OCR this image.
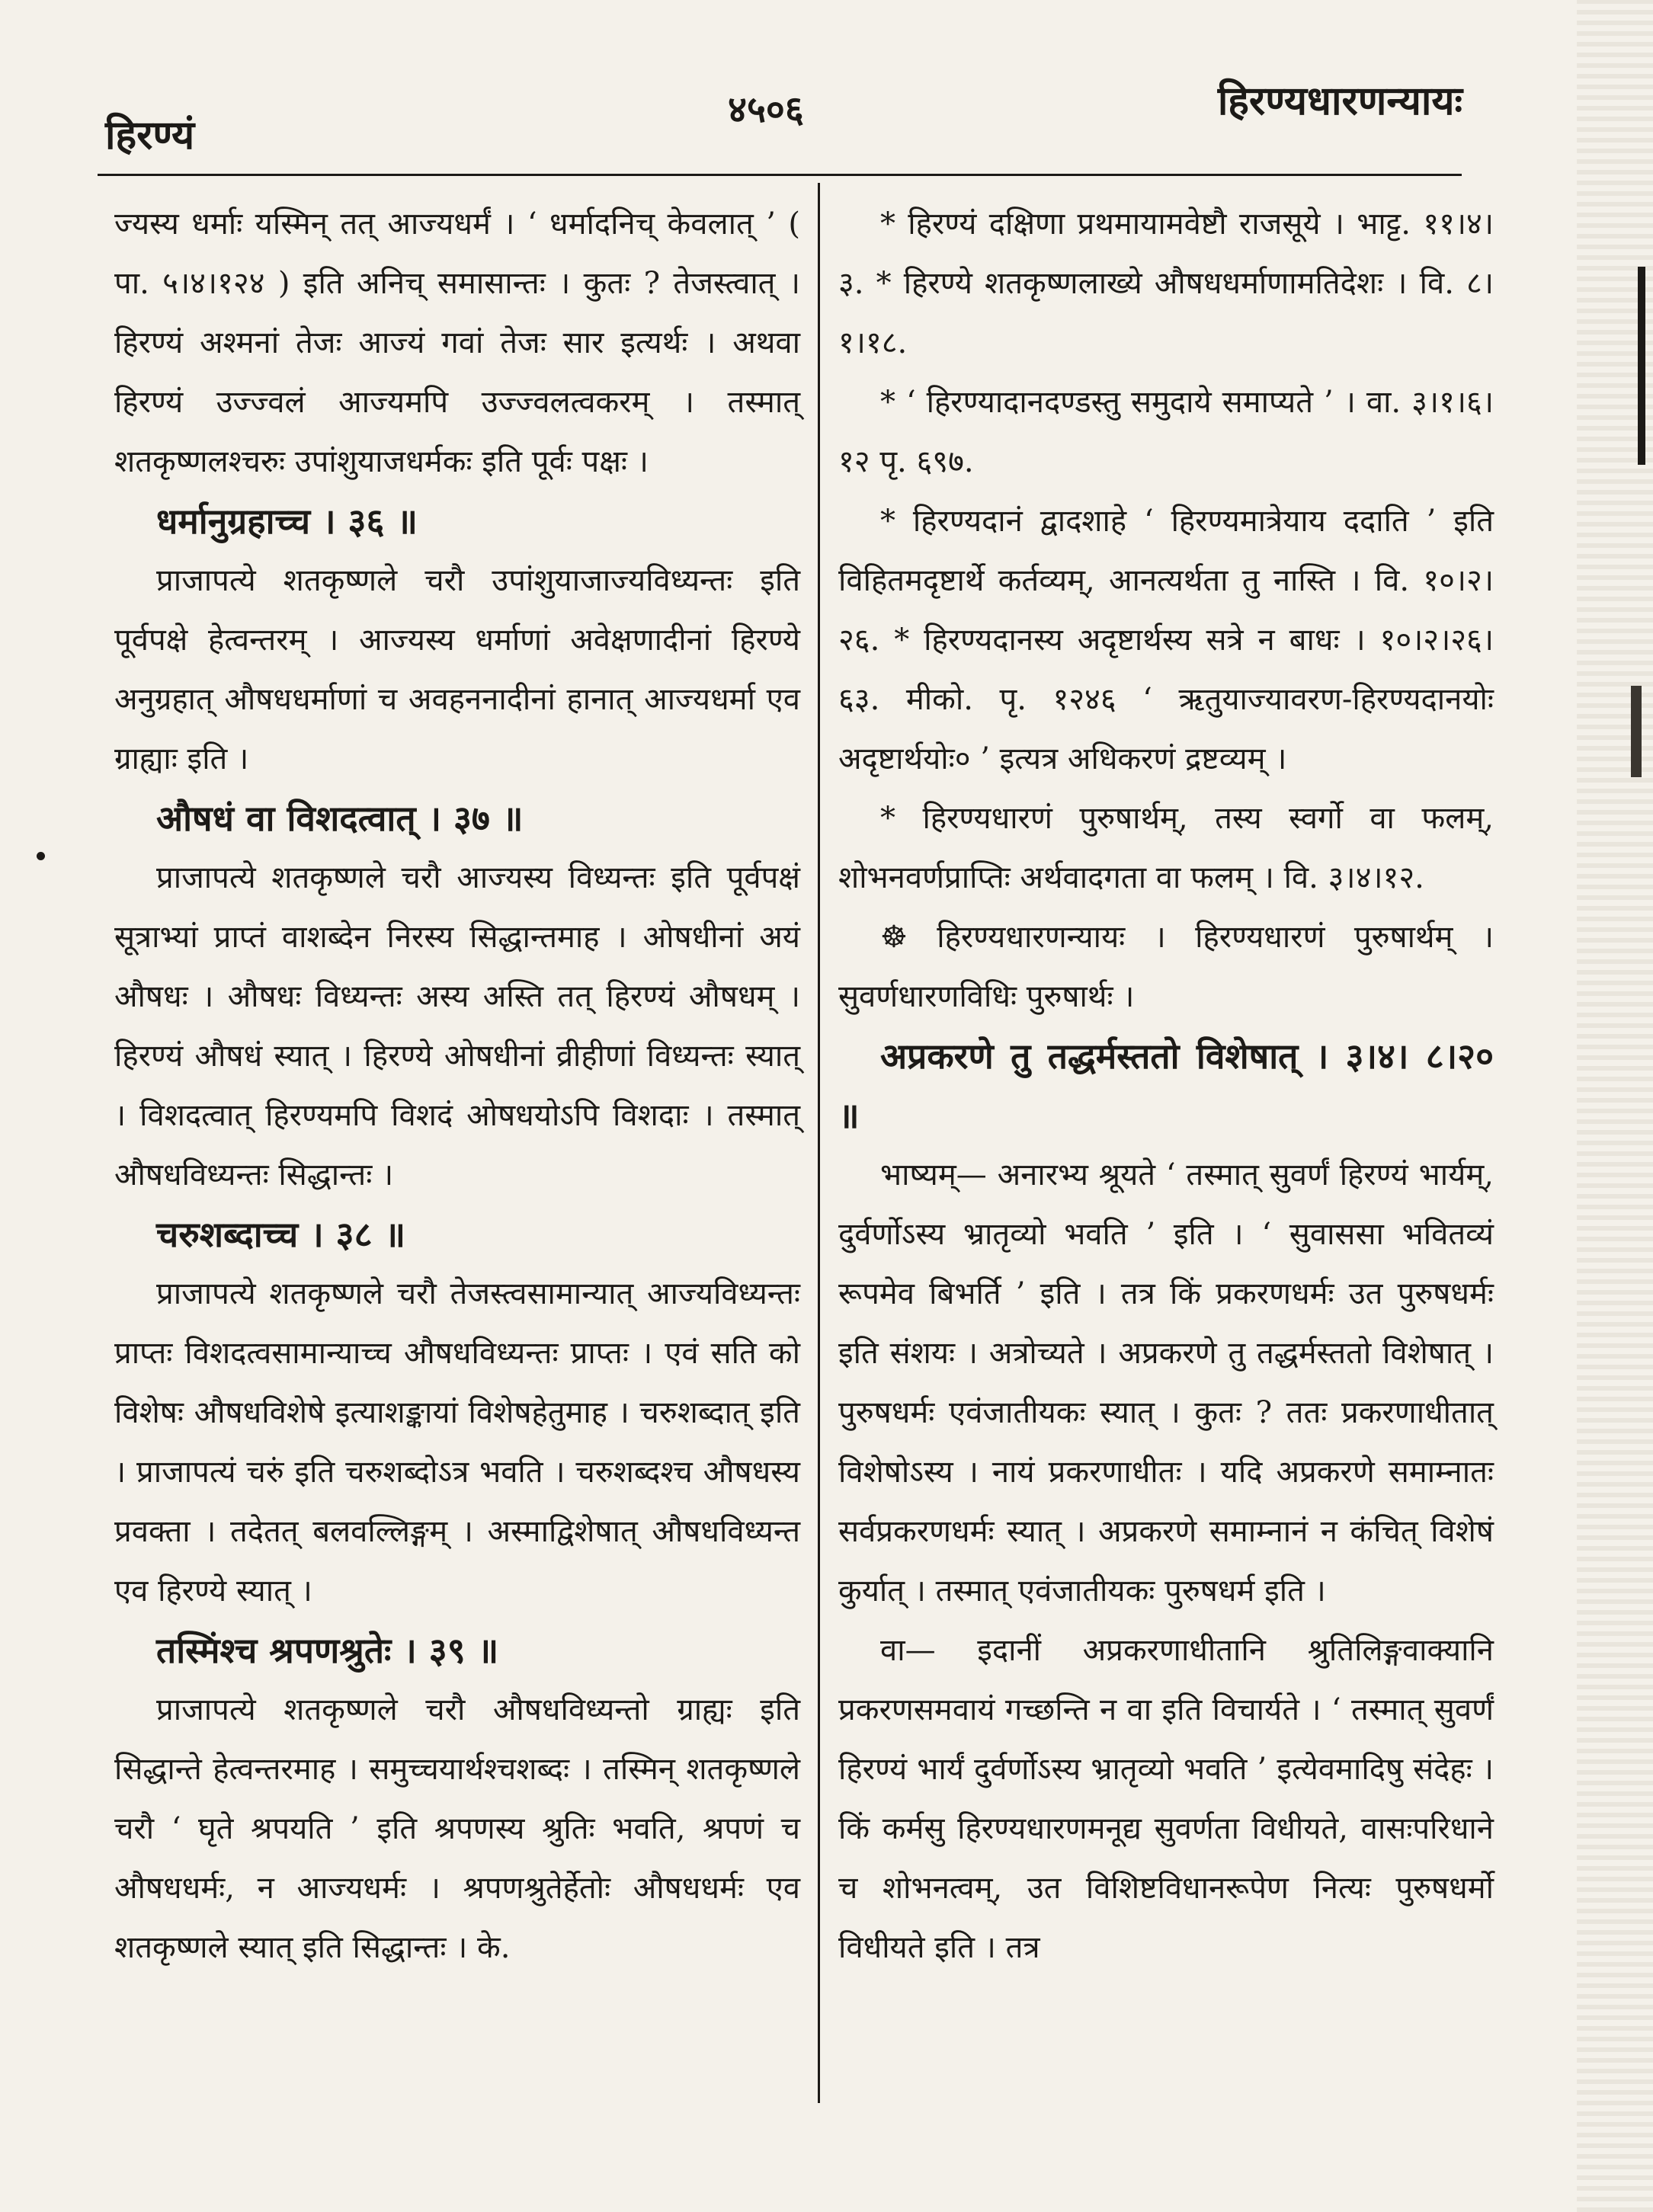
हिरण्यं
४५०६	हिरण्यधारणन्यायः

ज्यस्य धर्माः यस्मिन् तत् आज्यधर्मं । ‘ धर्मादनिच् केवलात् ’ ( पा. ५।४।१२४ ) इति अनिच् समासान्तः । कुतः ? तेजस्त्वात् । हिरण्यं अश्मनां तेजः आज्यं गवां तेजः सार इत्यर्थः । अथवा हिरण्यं उज्ज्वलं आज्यमपि उज्ज्वलत्वकरम् । तस्मात् शतकृष्णलश्चरुः उपांशुयाजधर्मकः इति पूर्वः पक्षः ।

धर्मानुग्रहाच्च । ३६ ॥

प्राजापत्ये शतकृष्णले चरौ उपांशुयाजाज्यविध्यन्तः इति पूर्वपक्षे हेत्वन्तरम् । आज्यस्य धर्माणां अवेक्षणादीनां हिरण्ये अनुग्रहात् औषधधर्माणां च अवहननादीनां हानात् आज्यधर्मा एव ग्राह्याः इति ।

औषधं वा विशदत्वात् । ३७ ॥

प्राजापत्ये शतकृष्णले चरौ आज्यस्य विध्यन्तः इति पूर्वपक्षं सूत्राभ्यां प्राप्तं वाशब्देन निरस्य सिद्धान्तमाह । ओषधीनां अयं औषधः । औषधः विध्यन्तः अस्य अस्ति तत् हिरण्यं औषधम् । हिरण्यं औषधं स्यात् । हिरण्ये ओषधीनां व्रीहीणां विध्यन्तः स्यात् । विशदत्वात् हिरण्यमपि विशदं ओषधयोऽपि विशदाः । तस्मात् औषधविध्यन्तः सिद्धान्तः ।

चरुशब्दाच्च । ३८ ॥

प्राजापत्ये शतकृष्णले चरौ तेजस्त्वसामान्यात् आज्यविध्यन्तः प्राप्तः विशदत्वसामान्याच्च औषधविध्यन्तः प्राप्तः । एवं सति को विशेषः औषधविशेषे इत्याशङ्कायां विशेषहेतुमाह । चरुशब्दात् इति । प्राजापत्यं चरुं इति चरुशब्दोऽत्र भवति । चरुशब्दश्च औषधस्य प्रवक्ता । तदेतत् बलवल्लिङ्गम् । अस्माद्विशेषात् औषधविध्यन्त एव हिरण्ये स्यात् ।

तस्मिंश्च श्रपणश्रुतेः । ३९ ॥

प्राजापत्ये शतकृष्णले चरौ औषधविध्यन्तो ग्राह्यः इति सिद्धान्ते हेत्वन्तरमाह । समुच्चयार्थश्चशब्दः । तस्मिन् शतकृष्णले चरौ ‘ घृते श्रपयति ’ इति श्रपणस्य श्रुतिः भवति, श्रपणं च औषधधर्मः, न आज्यधर्मः । श्रपणश्रुतेर्हेतोः औषधधर्मः एव शतकृष्णले स्यात् इति सिद्धान्तः । के.

* हिरण्यं दक्षिणा प्रथमायामवेष्टौ राजसूये । भाट्ट. ११।४।३. * हिरण्ये शतकृष्णलाख्ये औषधधर्माणामतिदेशः । वि. ८।१।१८.

* ‘ हिरण्यादानदण्डस्तु समुदाये समाप्यते ’ । वा. ३।१।६।१२ पृ. ६९७.

* हिरण्यदानं द्वादशाहे ‘ हिरण्यमात्रेयाय ददाति ’ इति विहितमदृष्टार्थे कर्तव्यम्, आनत्यर्थता तु नास्ति । वि. १०।२।२६. * हिरण्यदानस्य अदृष्टार्थस्य सत्रे न बाधः । १०।२।२६।६३. मीको. पृ. १२४६ ‘ ऋतुयाज्यावरण-हिरण्यदानयोः अदृष्टार्थयोः० ’ इत्यत्र अधिकरणं द्रष्टव्यम् ।

* हिरण्यधारणं पुरुषार्थम्, तस्य स्वर्गो वा फलम्, शोभनवर्णप्राप्तिः अर्थवादगता वा फलम् । वि. ३।४।१२.

☸ हिरण्यधारणन्यायः । हिरण्यधारणं पुरुषार्थम् । सुवर्णधारणविधिः पुरुषार्थः ।

अप्रकरणे तु तद्धर्मस्ततो विशेषात् । ३।४। ८।२० ॥

भाष्यम्— अनारभ्य श्रूयते ‘ तस्मात् सुवर्णं हिरण्यं भार्यम्, दुर्वर्णोऽस्य भ्रातृव्यो भवति ’ इति । ‘ सुवाससा भवितव्यं रूपमेव बिभर्ति ’ इति । तत्र किं प्रकरणधर्मः उत पुरुषधर्मः इति संशयः । अत्रोच्यते । अप्रकरणे तु तद्धर्मस्ततो विशेषात् । पुरुषधर्मः एवंजातीयकः स्यात् । कुतः ? ततः प्रकरणाधीतात् विशेषोऽस्य । नायं प्रकरणाधीतः । यदि अप्रकरणे समाम्नातः सर्वप्रकरणधर्मः स्यात् । अप्रकरणे समाम्नानं न कंचित् विशेषं कुर्यात् । तस्मात् एवंजातीयकः पुरुषधर्म इति ।

वा— इदानीं अप्रकरणाधीतानि श्रुतिलिङ्गवाक्यानि प्रकरणसमवायं गच्छन्ति न वा इति विचार्यते । ‘ तस्मात् सुवर्णं हिरण्यं भार्यं दुर्वर्णोऽस्य भ्रातृव्यो भवति ’ इत्येवमादिषु संदेहः । किं कर्मसु हिरण्यधारणमनूद्य सुवर्णता विधीयते, वासःपरिधाने च शोभनत्वम्, उत विशिष्टविधानरूपेण नित्यः पुरुषधर्मो विधीयते इति । तत्र
